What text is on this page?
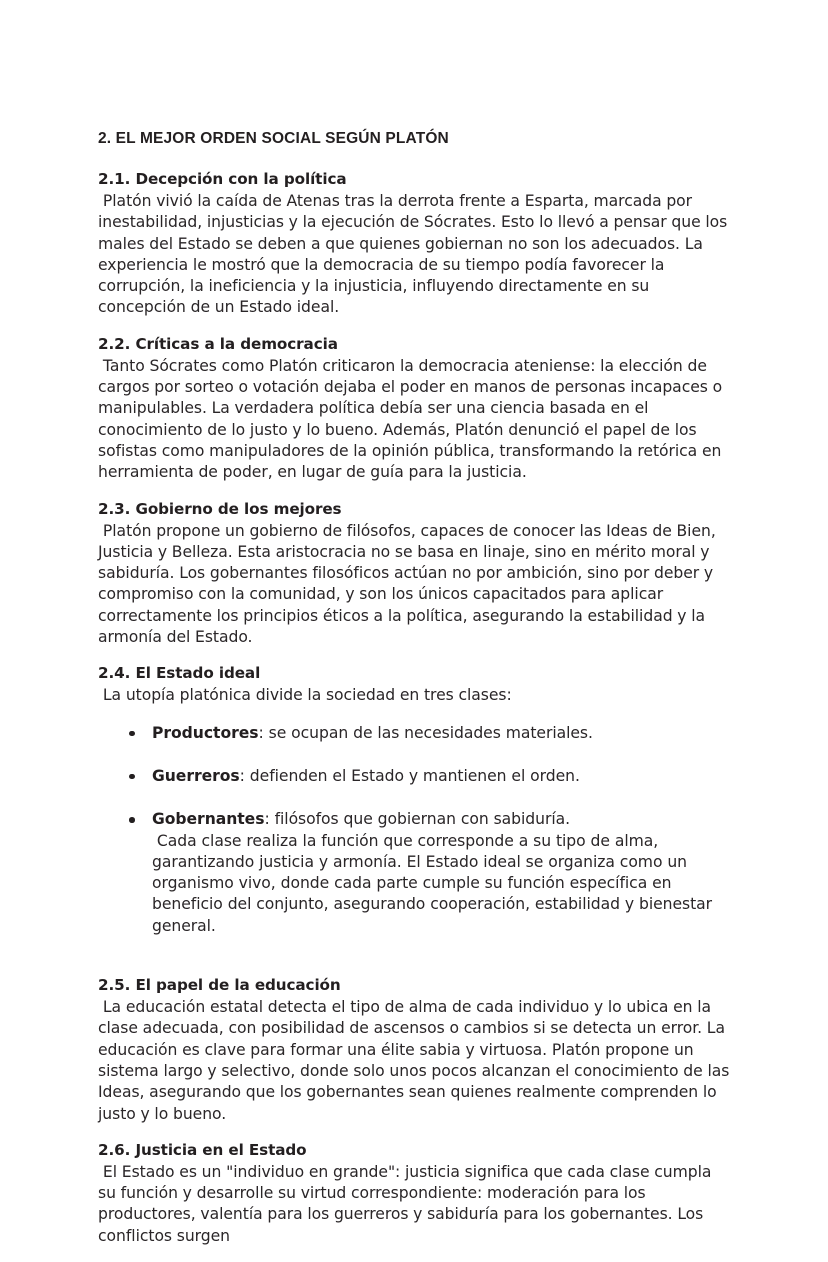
2. EL MEJOR ORDEN SOCIAL SEGÚN PLATÓN
2.1. Decepción con la política

Platón vivió la caída de Atenas tras la derrota frente a Esparta, marcada por inestabilidad, injusticias y la ejecución de Sócrates. Esto lo llevó a pensar que los males del Estado se deben a que quienes gobiernan no son los adecuados. La experiencia le mostró que la democracia de su tiempo podía favorecer la corrupción, la ineficiencia y la injusticia, influyendo directamente en su concepción de un Estado ideal.

2.2. Críticas a la democracia

Tanto Sócrates como Platón criticaron la democracia ateniense: la elección de cargos por sorteo o votación dejaba el poder en manos de personas incapaces o manipulables. La verdadera política debía ser una ciencia basada en el conocimiento de lo justo y lo bueno. Además, Platón denunció el papel de los sofistas como manipuladores de la opinión pública, transformando la retórica en herramienta de poder, en lugar de guía para la justicia.

2.3. Gobierno de los mejores

Platón propone un gobierno de filósofos, capaces de conocer las Ideas de Bien, Justicia y Belleza. Esta aristocracia no se basa en linaje, sino en mérito moral y sabiduría. Los gobernantes filosóficos actúan no por ambición, sino por deber y compromiso con la comunidad, y son los únicos capacitados para aplicar correctamente los principios éticos a la política, asegurando la estabilidad y la armonía del Estado.

2.4. El Estado ideal

La utopía platónica divide la sociedad en tres clases:

Productores: se ocupan de las necesidades materiales.
Guerreros: defienden el Estado y mantienen el orden.
Gobernantes: filósofos que gobiernan con sabiduría.

Cada clase realiza la función que corresponde a su tipo de alma, garantizando justicia y armonía. El Estado ideal se organiza como un organismo vivo, donde cada parte cumple su función específica en beneficio del conjunto, asegurando cooperación, estabilidad y bienestar general.

2.5. El papel de la educación

La educación estatal detecta el tipo de alma de cada individuo y lo ubica en la clase adecuada, con posibilidad de ascensos o cambios si se detecta un error. La educación es clave para formar una élite sabia y virtuosa. Platón propone un sistema largo y selectivo, donde solo unos pocos alcanzan el conocimiento de las Ideas, asegurando que los gobernantes sean quienes realmente comprenden lo justo y lo bueno.

2.6. Justicia en el Estado

El Estado es un "individuo en grande": justicia significa que cada clase cumpla su función y desarrolle su virtud correspondiente: moderación para los productores, valentía para los guerreros y sabiduría para los gobernantes. Los conflictos surgen
